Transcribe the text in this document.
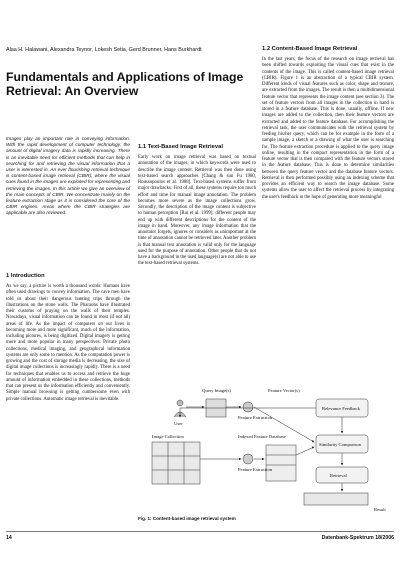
Alaa H. Halawani, Alexandra Teynor, Lokesh Setia, Gerd Brunner, Hans Burkhardt
Fundamentals and Applications of Image Retrieval: An Overview
Images play an important role in conveying information. With the rapid development of computer technology, the amount of digital imagery data is rapidly increasing. There is an inevitable need for efficient methods that can help in searching for and retrieving the visual information that a user is interested in. An ever flourishing retrieval technique is content-based image retrieval (CBIR), where the visual cues found in the images are exploited for representing and retrieving the images. In this article we give an overview of the main concepts of CBIR. We concentrate mainly on the feature extraction stage as it is considered the core of the CBIR engines. Areas where the CBIR strategies are applicable are also reviewed.
1 Introduction
As we say, a picture is worth a thousand words: Humans have often used drawings to convey information. The cave men have told us about their dangerous hunting trips through the illustrations on the stone walls. The Pharaohs have illustrated their customs of praying on the walls of their temples. Nowadays, visual information can be found in most (if not all) areas of life. As the impact of computers on our lives is becoming more and more significant, much of the information, including pictures, is being digitized. Digital imagery is getting more and more popular in many perspectives. Private photo collections, medical imaging, and geographical information systems are only some to mention. As the computation power is growing and the cost of storage media is decreasing, the size of digital image collections is increasingly rapidly. There is a need for techniques that enables us to access and retrieve the huge amount of information embedded in these collections, methods that can present us the information efficiently and conveniently. Simple manual browsing is getting cumbersome even with private collections. Automatic image retrieval is inevitable.
1.1 Text-Based Image Retrieval
Early work on image retrieval was based on textual annotation of the images, in which keywords were used to describe the image content. Retrieval was then done using text-based search approaches [Chang & sun Fu 1980, Roussopoulos et al. 1988]. Text-based systems suffer from major drawbacks. First of all, these systems require too much effort and time for manual image annotation. The problem becomes more severe as the image collections grow. Secondly, the description of the image content is subjective to human perception [Rui et al. 1999]: different people may end up with different descriptions for the content of the image in hand. Moreover, any image information that the annotator forgets, ignores or considers as unimportant at the time of annotation cannot be retrieved later. Another problem is that manual text annotation is valid only for the language used for the purpose of annotation. Other people that do not have a background in the used language(s) are not able to use the text-based retrieval systems.
1.2 Content-Based Image Retrieval
In the last years, the focus of the research on image retrieval has been shifted towards exploiting the visual cues that exist in the contents of the image. This is called content-based image retrieval (CBIR). Figure 1 is an abstraction of a typical CBIR system. Different kinds of visual features such as color, shape and texture, are extracted from the images. The result is then a multidimensional feature vector that represents the image content (see section 3). The set of feature vectors from all images in the collection in hand is stored in a feature database. This is done, usually, offline. If new images are added to the collection, then their feature vectors are extracted and added to the feature database. For accomplishing the retrieval task, the user communicates with the retrieval system by feeding his/her query, which can be for example in the form of a sample image, a sketch or a drawing of what the user is searching for. The feature extraction procedure is applied to the query image online, resulting in the compact representation in the form of a feature vector that is then compared with the feature vectors stored in the feature database. This is done to determine similarities between the query feature vector and the database feature vectors. Retrieval is then performed possibly using an indexing scheme that provides an efficient way to search the image database. Some systems allow the user to affect the retrieval process by integrating the user's feedback in the hope of generating more meaningful
Query Image(s)
User
Feature Extraction
Feature Vector(s)
Relevance Feedback
Image Collection	Indexed Feature Database
Feature Extraction
Similarity Comparison
Retrieval
Result
Fig. 1: Content-based image retrieval system
14	Datenbank-Spektrum 18/2006
